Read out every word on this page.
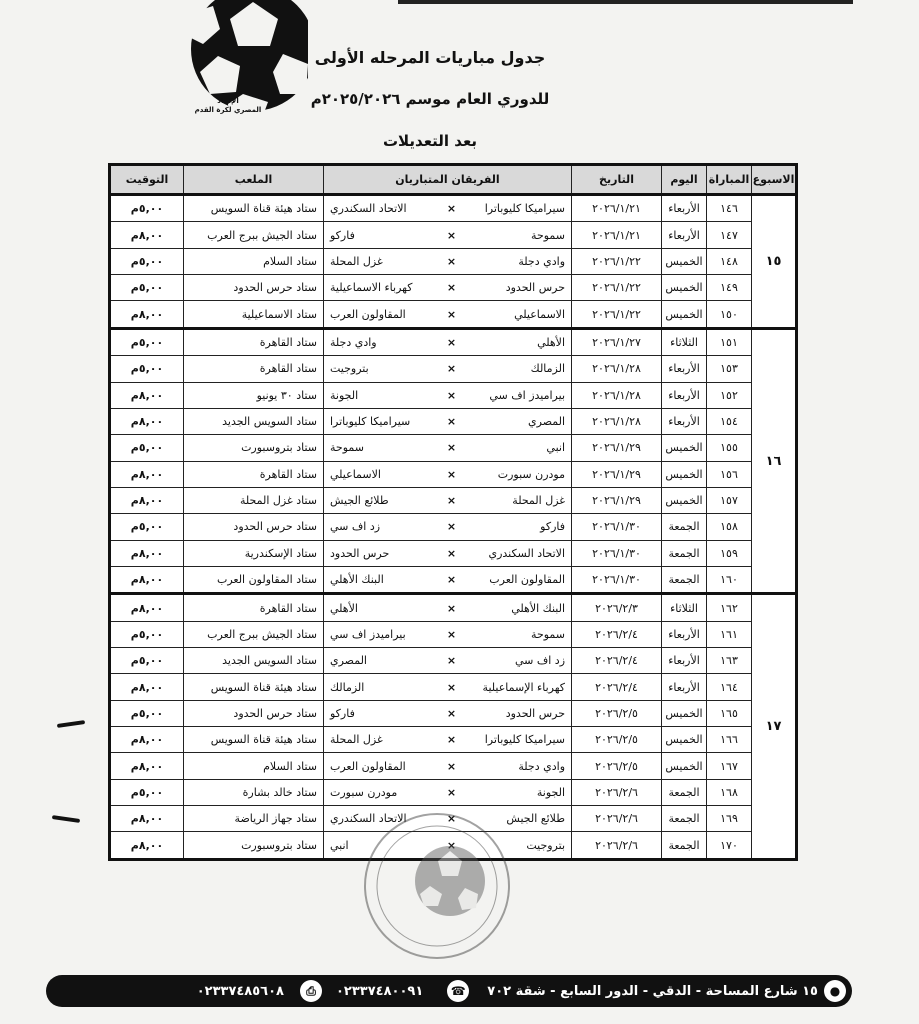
الإتحاد
المصري لكرة القدم
جدول مباريات المرحله الأولى
للدوري العام موسم ٢٠٢٥/٢٠٢٦م
بعد التعديلات
الاسبوع	المباراة	اليوم	التاريخ	الفريقان المتباريان			الملعب	التوقيت
١٥	١٤٦	الأربعاء	٢٠٢٦/١/٢١	سيراميكا كليوباترا	×	الاتحاد السكندري	ستاد هيئة قناة السويس	٥,٠٠م
	١٤٧	الأربعاء	٢٠٢٦/١/٢١	سموحة	×	فاركو	ستاد الجيش ببرج العرب	٨,٠٠م
	١٤٨	الخميس	٢٠٢٦/١/٢٢	وادي دجلة	×	غزل المحلة	ستاد السلام	٥,٠٠م
	١٤٩	الخميس	٢٠٢٦/١/٢٢	حرس الحدود	×	كهرباء الاسماعيلية	ستاد حرس الحدود	٥,٠٠م
	١٥٠	الخميس	٢٠٢٦/١/٢٢	الاسماعيلي	×	المقاولون العرب	ستاد الاسماعيلية	٨,٠٠م
١٦	١٥١	الثلاثاء	٢٠٢٦/١/٢٧	الأهلي	×	وادي دجلة	ستاد القاهرة	٥,٠٠م
	١٥٣	الأربعاء	٢٠٢٦/١/٢٨	الزمالك	×	بتروجيت	ستاد القاهرة	٥,٠٠م
	١٥٢	الأربعاء	٢٠٢٦/١/٢٨	بيراميدز اف سي	×	الجونة	ستاد ٣٠ يونيو	٨,٠٠م
	١٥٤	الأربعاء	٢٠٢٦/١/٢٨	المصري	×	سيراميكا كليوباترا	ستاد السويس الجديد	٨,٠٠م
	١٥٥	الخميس	٢٠٢٦/١/٢٩	انبي	×	سموحة	ستاد بتروسبورت	٥,٠٠م
	١٥٦	الخميس	٢٠٢٦/١/٢٩	مودرن سبورت	×	الاسماعيلي	ستاد القاهرة	٨,٠٠م
	١٥٧	الخميس	٢٠٢٦/١/٢٩	غزل المحلة	×	طلائع الجيش	ستاد غزل المحلة	٨,٠٠م
	١٥٨	الجمعة	٢٠٢٦/١/٣٠	فاركو	×	زد اف سي	ستاد حرس الحدود	٥,٠٠م
	١٥٩	الجمعة	٢٠٢٦/١/٣٠	الاتحاد السكندري	×	حرس الحدود	ستاد الإسكندرية	٨,٠٠م
	١٦٠	الجمعة	٢٠٢٦/١/٣٠	المقاولون العرب	×	البنك الأهلي	ستاد المقاولون العرب	٨,٠٠م
١٧	١٦٢	الثلاثاء	٢٠٢٦/٢/٣	البنك الأهلي	×	الأهلي	ستاد القاهرة	٨,٠٠م
	١٦١	الأربعاء	٢٠٢٦/٢/٤	سموحة	×	بيراميدز اف سي	ستاد الجيش ببرج العرب	٥,٠٠م
	١٦٣	الأربعاء	٢٠٢٦/٢/٤	زد اف سي	×	المصري	ستاد السويس الجديد	٥,٠٠م
	١٦٤	الأربعاء	٢٠٢٦/٢/٤	كهرباء الإسماعيلية	×	الزمالك	ستاد هيئة قناة السويس	٨,٠٠م
	١٦٥	الخميس	٢٠٢٦/٢/٥	حرس الحدود	×	فاركو	ستاد حرس الحدود	٥,٠٠م
	١٦٦	الخميس	٢٠٢٦/٢/٥	سيراميكا كليوباترا	×	غزل المحلة	ستاد هيئة قناة السويس	٨,٠٠م
	١٦٧	الخميس	٢٠٢٦/٢/٥	وادي دجلة	×	المقاولون العرب	ستاد السلام	٨,٠٠م
	١٦٨	الجمعة	٢٠٢٦/٢/٦	الجونة	×	مودرن سبورت	ستاد خالد بشارة	٥,٠٠م
	١٦٩	الجمعة	٢٠٢٦/٢/٦	طلائع الجيش	×	الاتحاد السكندري	ستاد جهاز الرياضة	٨,٠٠م
	١٧٠	الجمعة	٢٠٢٦/٢/٦	بتروجيت	×	انبي	ستاد بتروسبورت	٨,٠٠م
●
١٥ شارع المساحة - الدقي - الدور السابع - شقة ٧٠٢
☎
٠٢٣٣٧٤٨٠٠٩١
⎙
٠٢٣٣٧٤٨٥٦٠٨
